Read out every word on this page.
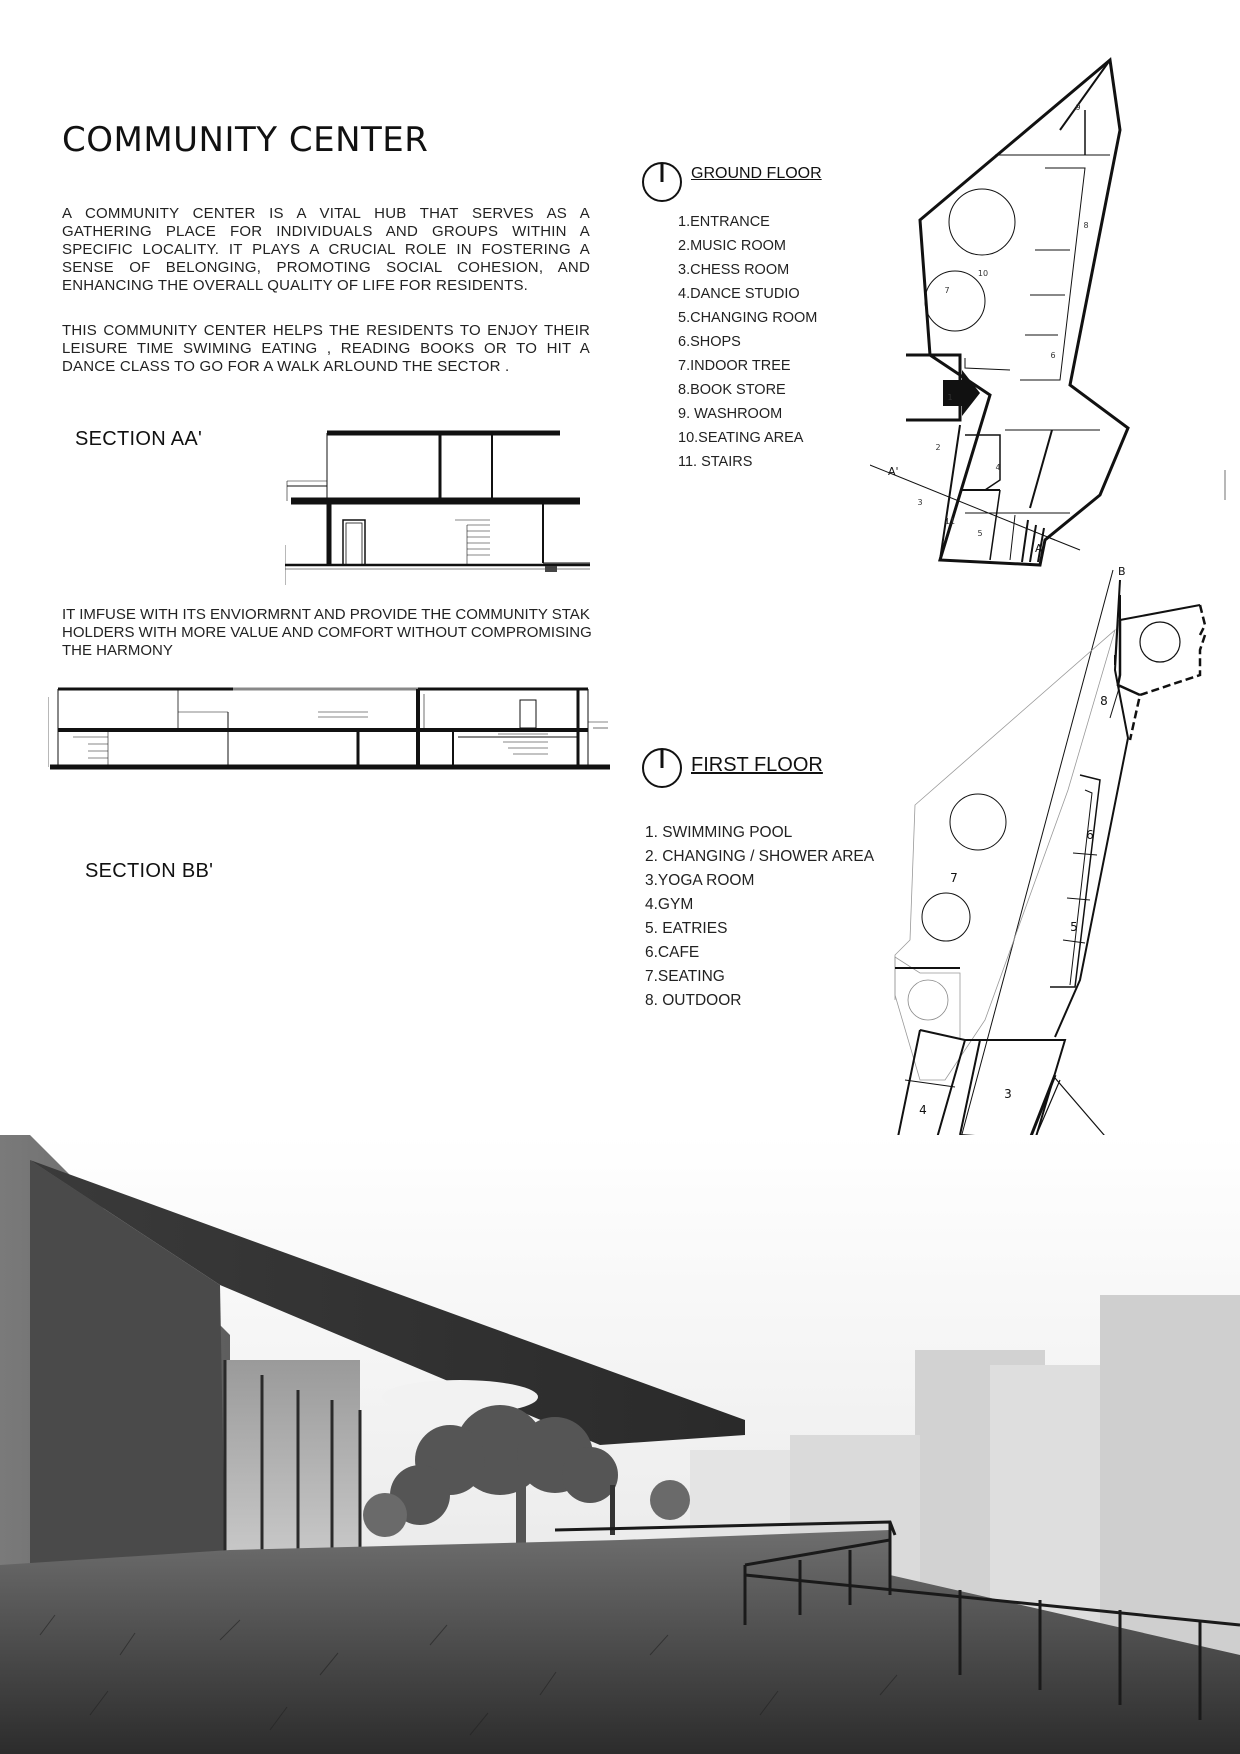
COMMUNITY CENTER
A COMMUNITY CENTER IS A VITAL HUB THAT SERVES AS A GATHERING PLACE FOR INDIVIDUALS AND GROUPS WITHIN A SPECIFIC LOCALITY. IT PLAYS A CRUCIAL ROLE IN FOSTERING A SENSE OF BELONGING, PROMOTING SOCIAL COHESION, AND ENHANCING THE OVERALL QUALITY OF LIFE FOR RESIDENTS.
THIS COMMUNITY CENTER HELPS THE RESIDENTS TO ENJOY THEIR LEISURE TIME SWIMING EATING , READING BOOKS OR TO HIT A DANCE CLASS TO GO FOR A WALK ARLOUND THE SECTOR .
SECTION AA'
IT IMFUSE WITH ITS ENVIORMRNT AND PROVIDE THE COMMUNITY STAK HOLDERS WITH MORE VALUE AND COMFORT WITHOUT COMPROMISING THE HARMONY
SECTION BB'
GROUND FLOOR
1.ENTRANCE
2.MUSIC ROOM
3.CHESS ROOM
4.DANCE STUDIO
5.CHANGING ROOM
6.SHOPS
7.INDOOR TREE
8.BOOK STORE
9. WASHROOM
10.SEATING AREA
11. STAIRS
9
8
10
7
6
1
2
4
3
11
5
A'
A
FIRST FLOOR
1. SWIMMING POOL
2. CHANGING / SHOWER AREA
3.YOGA ROOM
4.GYM
5. EATRIES
6.CAFE
7.SEATING
8. OUTDOOR
8
6
7
5
4
3
B
